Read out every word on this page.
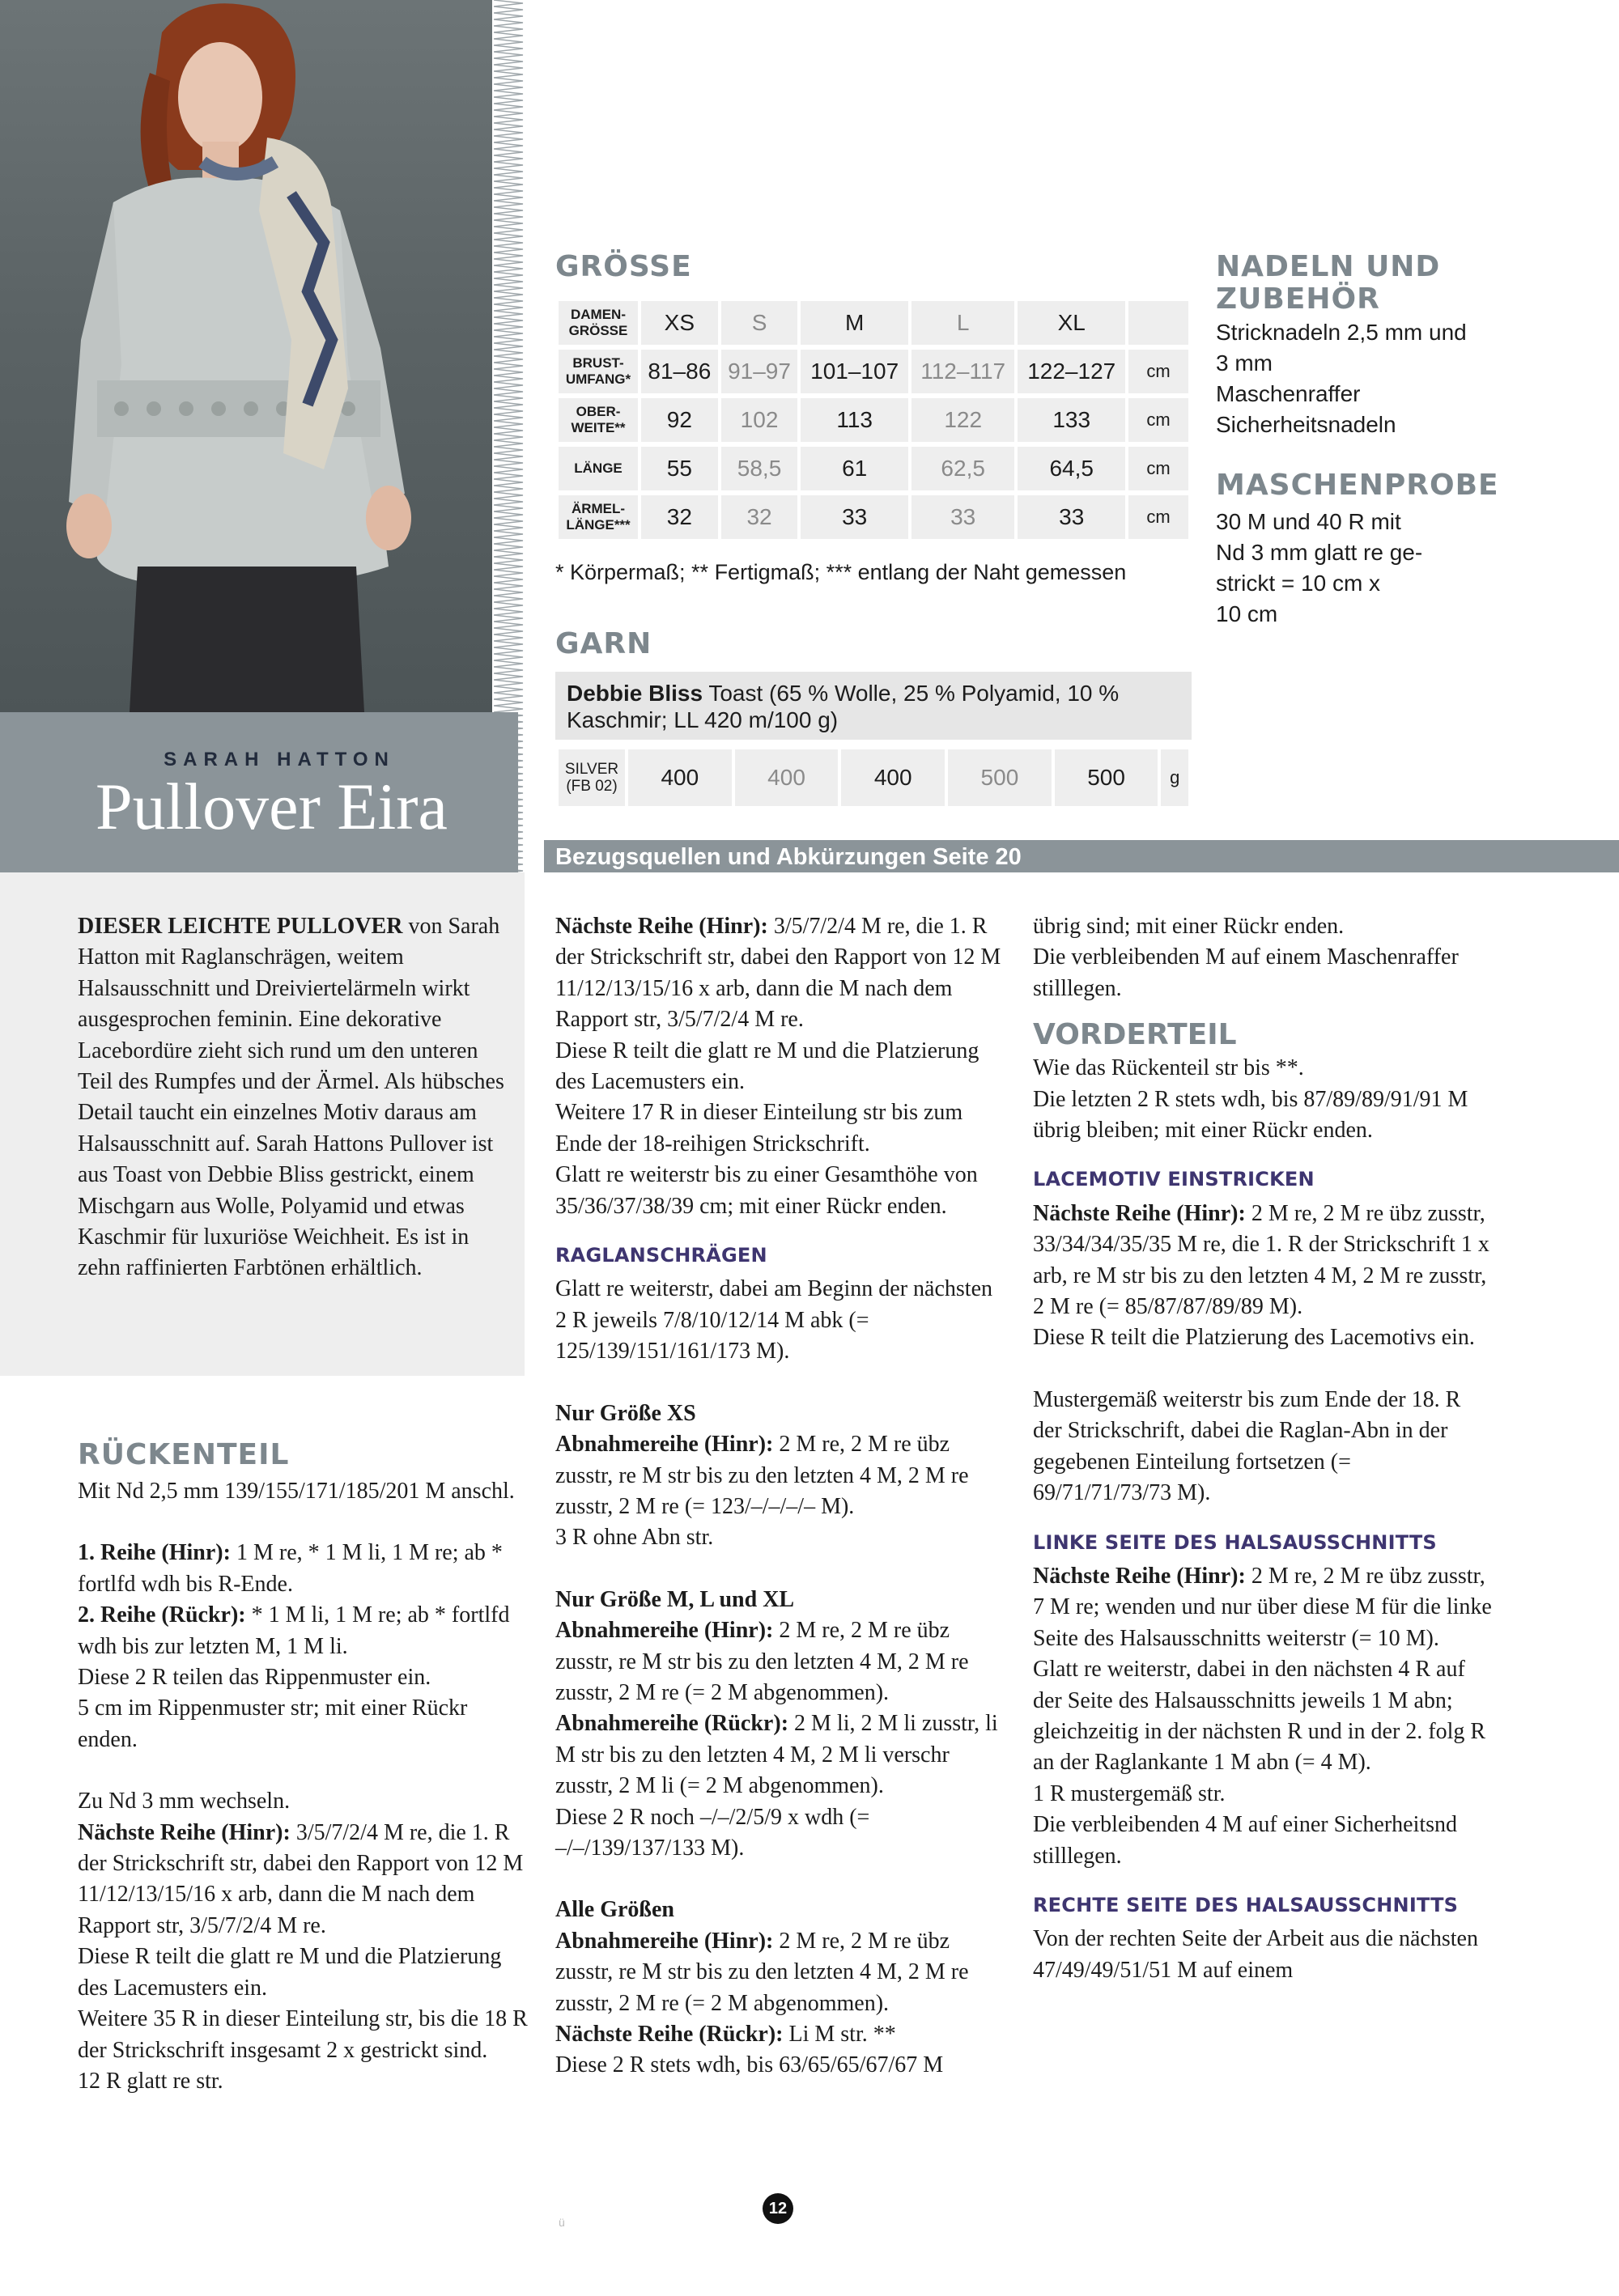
SARAH HATTON
Pullover Eira
GRÖSSE
DAMEN-
GRÖSSE	XS	S	M	L	XL	
BRUST-
UMFANG*	81–86	91–97	101–107	112–117	122–127	cm
OBER-
WEITE**	92	102	113	122	133	cm
LÄNGE	55	58,5	61	62,5	64,5	cm
ÄRMEL-
LÄNGE***	32	32	33	33	33	cm
* Körpermaß; ** Fertigmaß; *** entlang der Naht gemessen
GARN
Debbie Bliss Toast (65 % Wolle, 25 % Polyamid, 10 % Kaschmir; LL 420 m/100 g)
SILVER
(FB 02)	400	400	400	500	500	g
NADELN UND ZUBEHÖR
Stricknadeln 2,5 mm und
3 mm
Maschenraffer
Sicherheitsnadeln
MASCHENPROBE
30 M und 40 R mit
Nd 3 mm glatt re ge-
strickt = 10 cm x
10 cm
Bezugsquellen und Abkürzungen Seite 20
DIESER LEICHTE PULLOVER von Sarah Hatton mit Raglanschrägen, weitem Halsausschnitt und Dreiviertelärmeln wirkt ausgesprochen feminin. Eine dekorative Lacebordüre zieht sich rund um den unteren Teil des Rumpfes und der Ärmel. Als hübsches Detail taucht ein einzelnes Motiv daraus am Halsausschnitt auf. Sarah Hattons Pullover ist aus Toast von Debbie Bliss gestrickt, einem Mischgarn aus Wolle, Polyamid und etwas Kaschmir für luxuriöse Weichheit. Es ist in zehn raffinierten Farbtönen erhältlich.
RÜCKENTEIL

Mit Nd 2,5 mm 139/155/171/185/201 M anschl.

1. Reihe (Hinr): 1 M re, * 1 M li, 1 M re; ab * fortlfd wdh bis R-Ende.

2. Reihe (Rückr): * 1 M li, 1 M re; ab * fortlfd wdh bis zur letzten M, 1 M li.

Diese 2 R teilen das Rippenmuster ein.

5 cm im Rippenmuster str; mit einer Rückr enden.

Zu Nd 3 mm wechseln.

Nächste Reihe (Hinr): 3/5/7/2/4 M re, die 1. R der Strickschrift str, dabei den Rapport von 12 M 11/12/13/15/16 x arb, dann die M nach dem Rapport str, 3/5/7/2/4 M re.

Diese R teilt die glatt re M und die Platzierung des Lacemusters ein.

Weitere 35 R in dieser Einteilung str, bis die 18 R der Strickschrift insgesamt 2 x gestrickt sind.

12 R glatt re str.

Nächste Reihe (Hinr): 3/5/7/2/4 M re, die 1. R der Strickschrift str, dabei den Rapport von 12 M 11/12/13/15/16 x arb, dann die M nach dem Rapport str, 3/5/7/2/4 M re.

Diese R teilt die glatt re M und die Platzierung des Lacemusters ein.

Weitere 17 R in dieser Einteilung str bis zum Ende der 18-reihigen Strickschrift.

Glatt re weiterstr bis zu einer Gesamthöhe von 35/36/37/38/39 cm; mit einer Rückr enden.

RAGLANSCHRÄGEN

Glatt re weiterstr, dabei am Beginn der nächsten 2 R jeweils 7/8/10/12/14 M abk (= 125/139/151/161/173 M).

Nur Größe XS

Abnahmereihe (Hinr): 2 M re, 2 M re übz zusstr, re M str bis zu den letzten 4 M, 2 M re zusstr, 2 M re (= 123/–/–/–/– M).

3 R ohne Abn str.

Nur Größe M, L und XL

Abnahmereihe (Hinr): 2 M re, 2 M re übz zusstr, re M str bis zu den letzten 4 M, 2 M re zusstr, 2 M re (= 2 M abgenommen).

Abnahmereihe (Rückr): 2 M li, 2 M li zusstr, li M str bis zu den letzten 4 M, 2 M li verschr zusstr, 2 M li (= 2 M abgenommen).

Diese 2 R noch –/–/2/5/9 x wdh (= –/–/139/137/133 M).

Alle Größen

Abnahmereihe (Hinr): 2 M re, 2 M re übz zusstr, re M str bis zu den letzten 4 M, 2 M re zusstr, 2 M re (= 2 M abgenommen).

Nächste Reihe (Rückr): Li M str. **

Diese 2 R stets wdh, bis 63/65/65/67/67 M

übrig sind; mit einer Rückr enden.

Die verbleibenden M auf einem Maschenraffer stilllegen.

VORDERTEIL

Wie das Rückenteil str bis **.

Die letzten 2 R stets wdh, bis 87/89/89/91/91 M übrig bleiben; mit einer Rückr enden.

LACEMOTIV EINSTRICKEN

Nächste Reihe (Hinr): 2 M re, 2 M re übz zusstr, 33/34/34/35/35 M re, die 1. R der Strickschrift 1 x arb, re M str bis zu den letzten 4 M, 2 M re zusstr, 2 M re (= 85/87/87/89/89 M).

Diese R teilt die Platzierung des Lacemotivs ein.

Mustergemäß weiterstr bis zum Ende der 18. R der Strickschrift, dabei die Raglan-Abn in der gegebenen Einteilung fortsetzen (= 69/71/71/73/73 M).

LINKE SEITE DES HALSAUSSCHNITTS

Nächste Reihe (Hinr): 2 M re, 2 M re übz zusstr, 7 M re; wenden und nur über diese M für die linke Seite des Halsausschnitts weiterstr (= 10 M).

Glatt re weiterstr, dabei in den nächsten 4 R auf der Seite des Halsausschnitts jeweils 1 M abn; gleichzeitig in der nächsten R und in der 2. folg R an der Raglankante 1 M abn (= 4 M).

1 R mustergemäß str.

Die verbleibenden 4 M auf einer Sicherheitsnd stilllegen.

RECHTE SEITE DES HALSAUSSCHNITTS

Von der rechten Seite der Arbeit aus die nächsten 47/49/49/51/51 M auf einem

ü
12
